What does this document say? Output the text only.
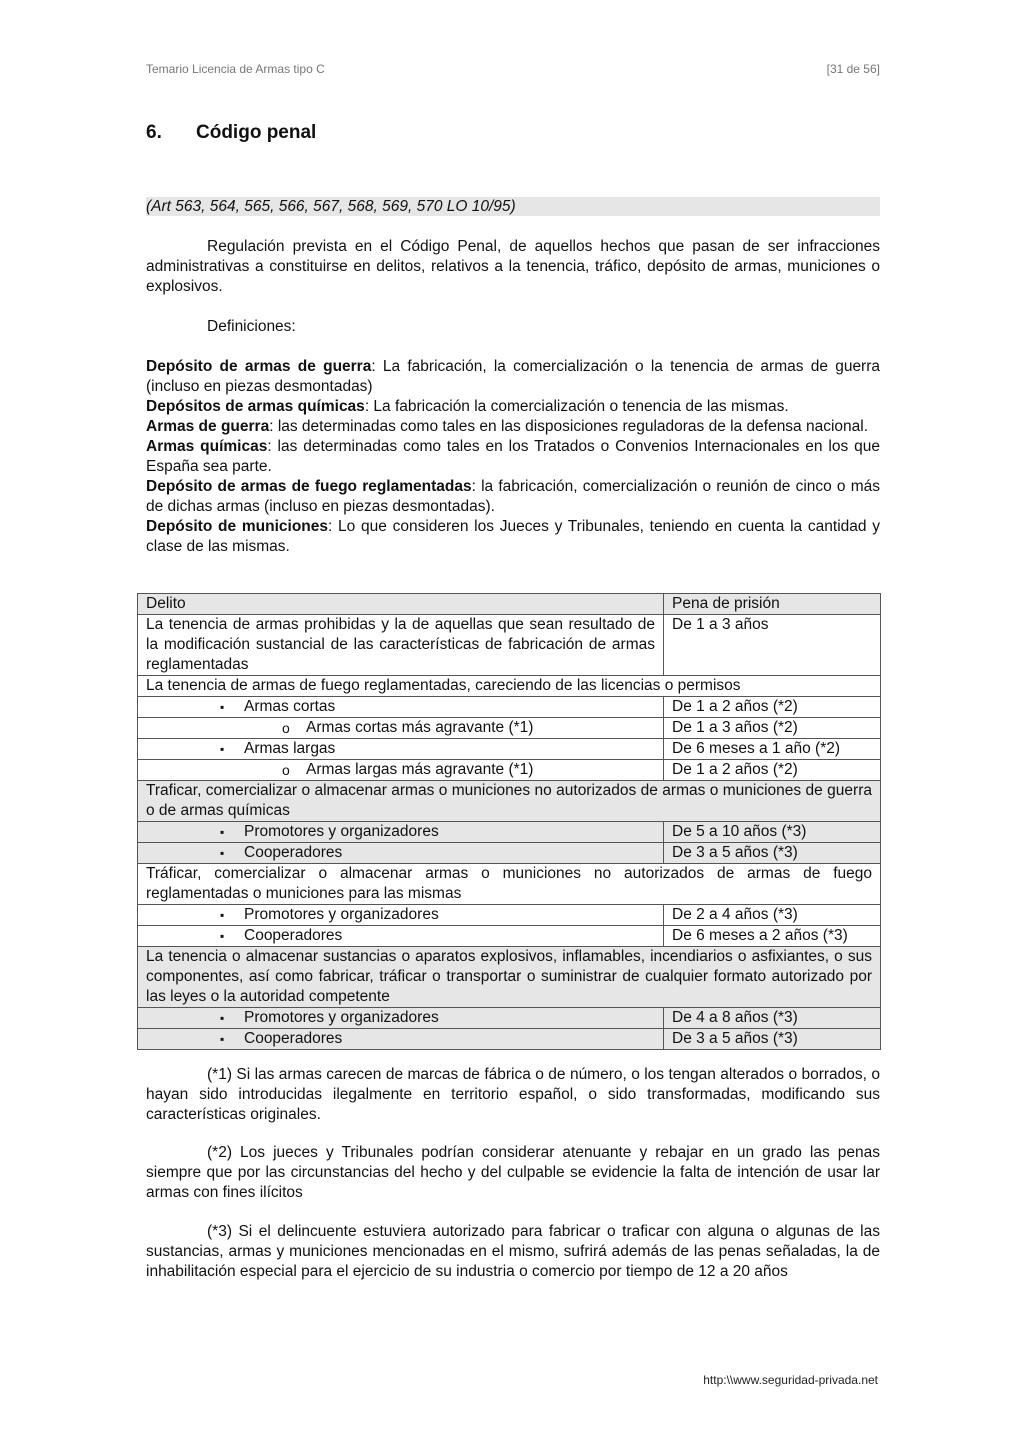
Temario Licencia de Armas tipo C	[31 de 56]
6. Código penal
(Art 563, 564, 565, 566, 567, 568, 569, 570 LO 10/95)
Regulación prevista en el Código Penal, de aquellos hechos que pasan de ser infracciones administrativas a constituirse en delitos, relativos a la tenencia, tráfico, depósito de armas, municiones o explosivos.
Definiciones:

Depósito de armas de guerra: La fabricación, la comercialización o la tenencia de armas de guerra (incluso en piezas desmontadas)

Depósitos de armas químicas: La fabricación la comercialización o tenencia de las mismas.

Armas de guerra: las determinadas como tales en las disposiciones reguladoras de la defensa nacional.

Armas químicas: las determinadas como tales en los Tratados o Convenios Internacionales en los que España sea parte.

Depósito de armas de fuego reglamentadas: la fabricación, comercialización o reunión de cinco o más de dichas armas (incluso en piezas desmontadas).

Depósito de municiones: Lo que consideren los Jueces y Tribunales, teniendo en cuenta la cantidad y clase de las mismas.

Delito	Pena de prisión
La tenencia de armas prohibidas y la de aquellas que sean resultado de la modificación sustancial de las características de fabricación de armas reglamentadas	De 1 a 3 años
La tenencia de armas de fuego reglamentadas, careciendo de las licencias o permisos	
▪ Armas cortas	De 1 a 2 años (*2)
o Armas cortas más agravante (*1)	De 1 a 3 años (*2)
▪ Armas largas	De 6 meses a 1 año (*2)
o Armas largas más agravante (*1)	De 1 a 2 años (*2)
Traficar, comercializar o almacenar armas o municiones no autorizados de armas o municiones de guerra o de armas químicas	
▪ Promotores y organizadores	De 5 a 10 años (*3)
▪ Cooperadores	De 3 a 5 años (*3)
Tráficar, comercializar o almacenar armas o municiones no autorizados de armas de fuego reglamentadas o municiones para las mismas	
▪ Promotores y organizadores	De 2 a 4 años (*3)
▪ Cooperadores	De 6 meses a 2 años (*3)
La tenencia o almacenar sustancias o aparatos explosivos, inflamables, incendiarios o asfixiantes, o sus componentes, así como fabricar, tráficar o transportar o suministrar de cualquier formato autorizado por las leyes o la autoridad competente	
▪ Promotores y organizadores	De 4 a 8 años (*3)
▪ Cooperadores	De 3 a 5 años (*3)
(*1) Si las armas carecen de marcas de fábrica o de número, o los tengan alterados o borrados, o hayan sido introducidas ilegalmente en territorio español, o sido transformadas, modificando sus características originales.
(*2) Los jueces y Tribunales podrían considerar atenuante y rebajar en un grado las penas siempre que por las circunstancias del hecho y del culpable se evidencie la falta de intención de usar lar armas con fines ilícitos
(*3) Si el delincuente estuviera autorizado para fabricar o traficar con alguna o algunas de las sustancias, armas y municiones mencionadas en el mismo, sufrirá además de las penas señaladas, la de inhabilitación especial para el ejercicio de su industria o comercio por tiempo de 12 a 20 años
http:\\www.seguridad-privada.net
